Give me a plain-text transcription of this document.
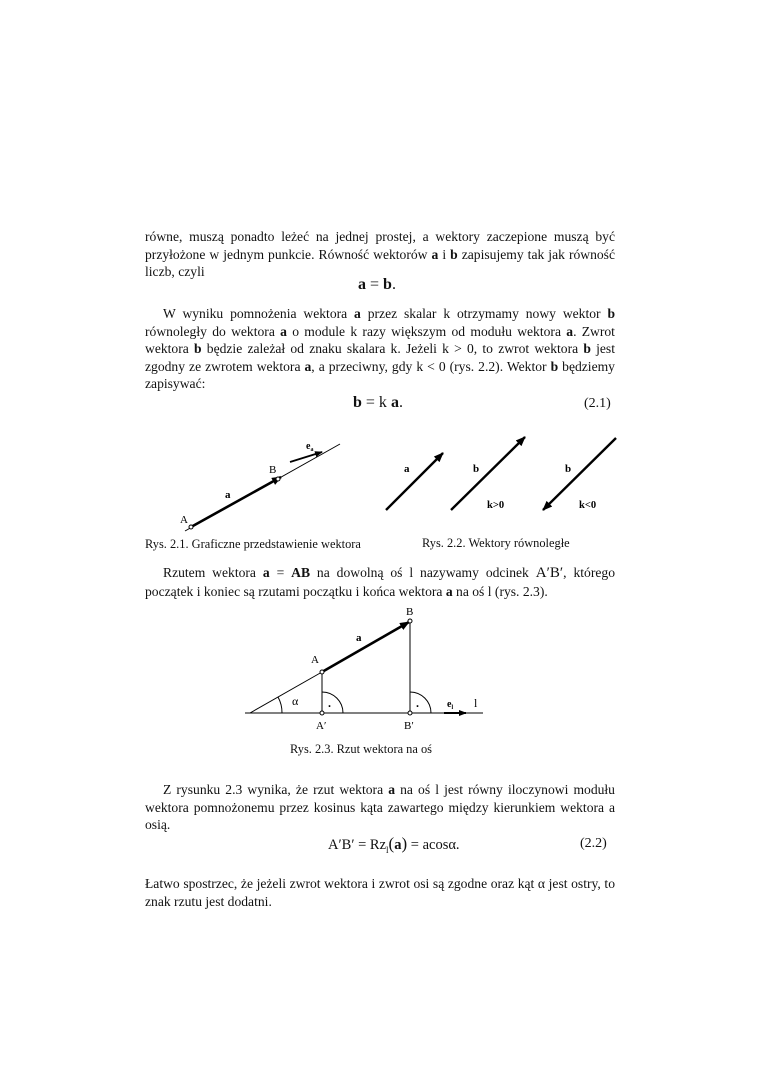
równe, muszą ponadto leżeć na jednej prostej, a wektory zaczepione muszą być przyłożone w jednym punkcie. Równość wektorów a i b zapisujemy tak jak równość liczb, czyli

a = b.

W wyniku pomnożenia wektora a przez skalar k otrzymamy nowy wektor b równoległy do wektora a o module k razy większym od modułu wektora a. Zwrot wektora b będzie zależał od znaku skalara k. Jeżeli k > 0, to zwrot wektora b jest zgodny ze zwrotem wektora a, a przeciwny, gdy k < 0 (rys. 2.2). Wektor b będziemy zapisywać:

b = k a.	(2.1)
$e_a$
B
a
A
a	b	b
k>0	k<0
B
a
A
α .	.	$e_l$ l
A′	B′
Rys. 2.1. Graficzne przedstawienie wektora	Rys. 2.2. Wektory równoległe

Rzutem wektora a = AB na dowolną oś l nazywamy odcinek A′B′, którego początek i koniec są rzutami początku i końca wektora a na oś l (rys. 2.3).

Rys. 2.3. Rzut wektora na oś

Z rysunku 2.3 wynika, że rzut wektora a na oś l jest równy iloczynowi modułu wektora pomnożonemu przez kosinus kąta zawartego między kierunkiem wektora a osią.

$A'B' = Rz_l(a) = acos\alpha$.	(2.2)

Łatwo spostrzec, że jeżeli zwrot wektora i zwrot osi są zgodne oraz kąt α jest ostry, to znak rzutu jest dodatni.
